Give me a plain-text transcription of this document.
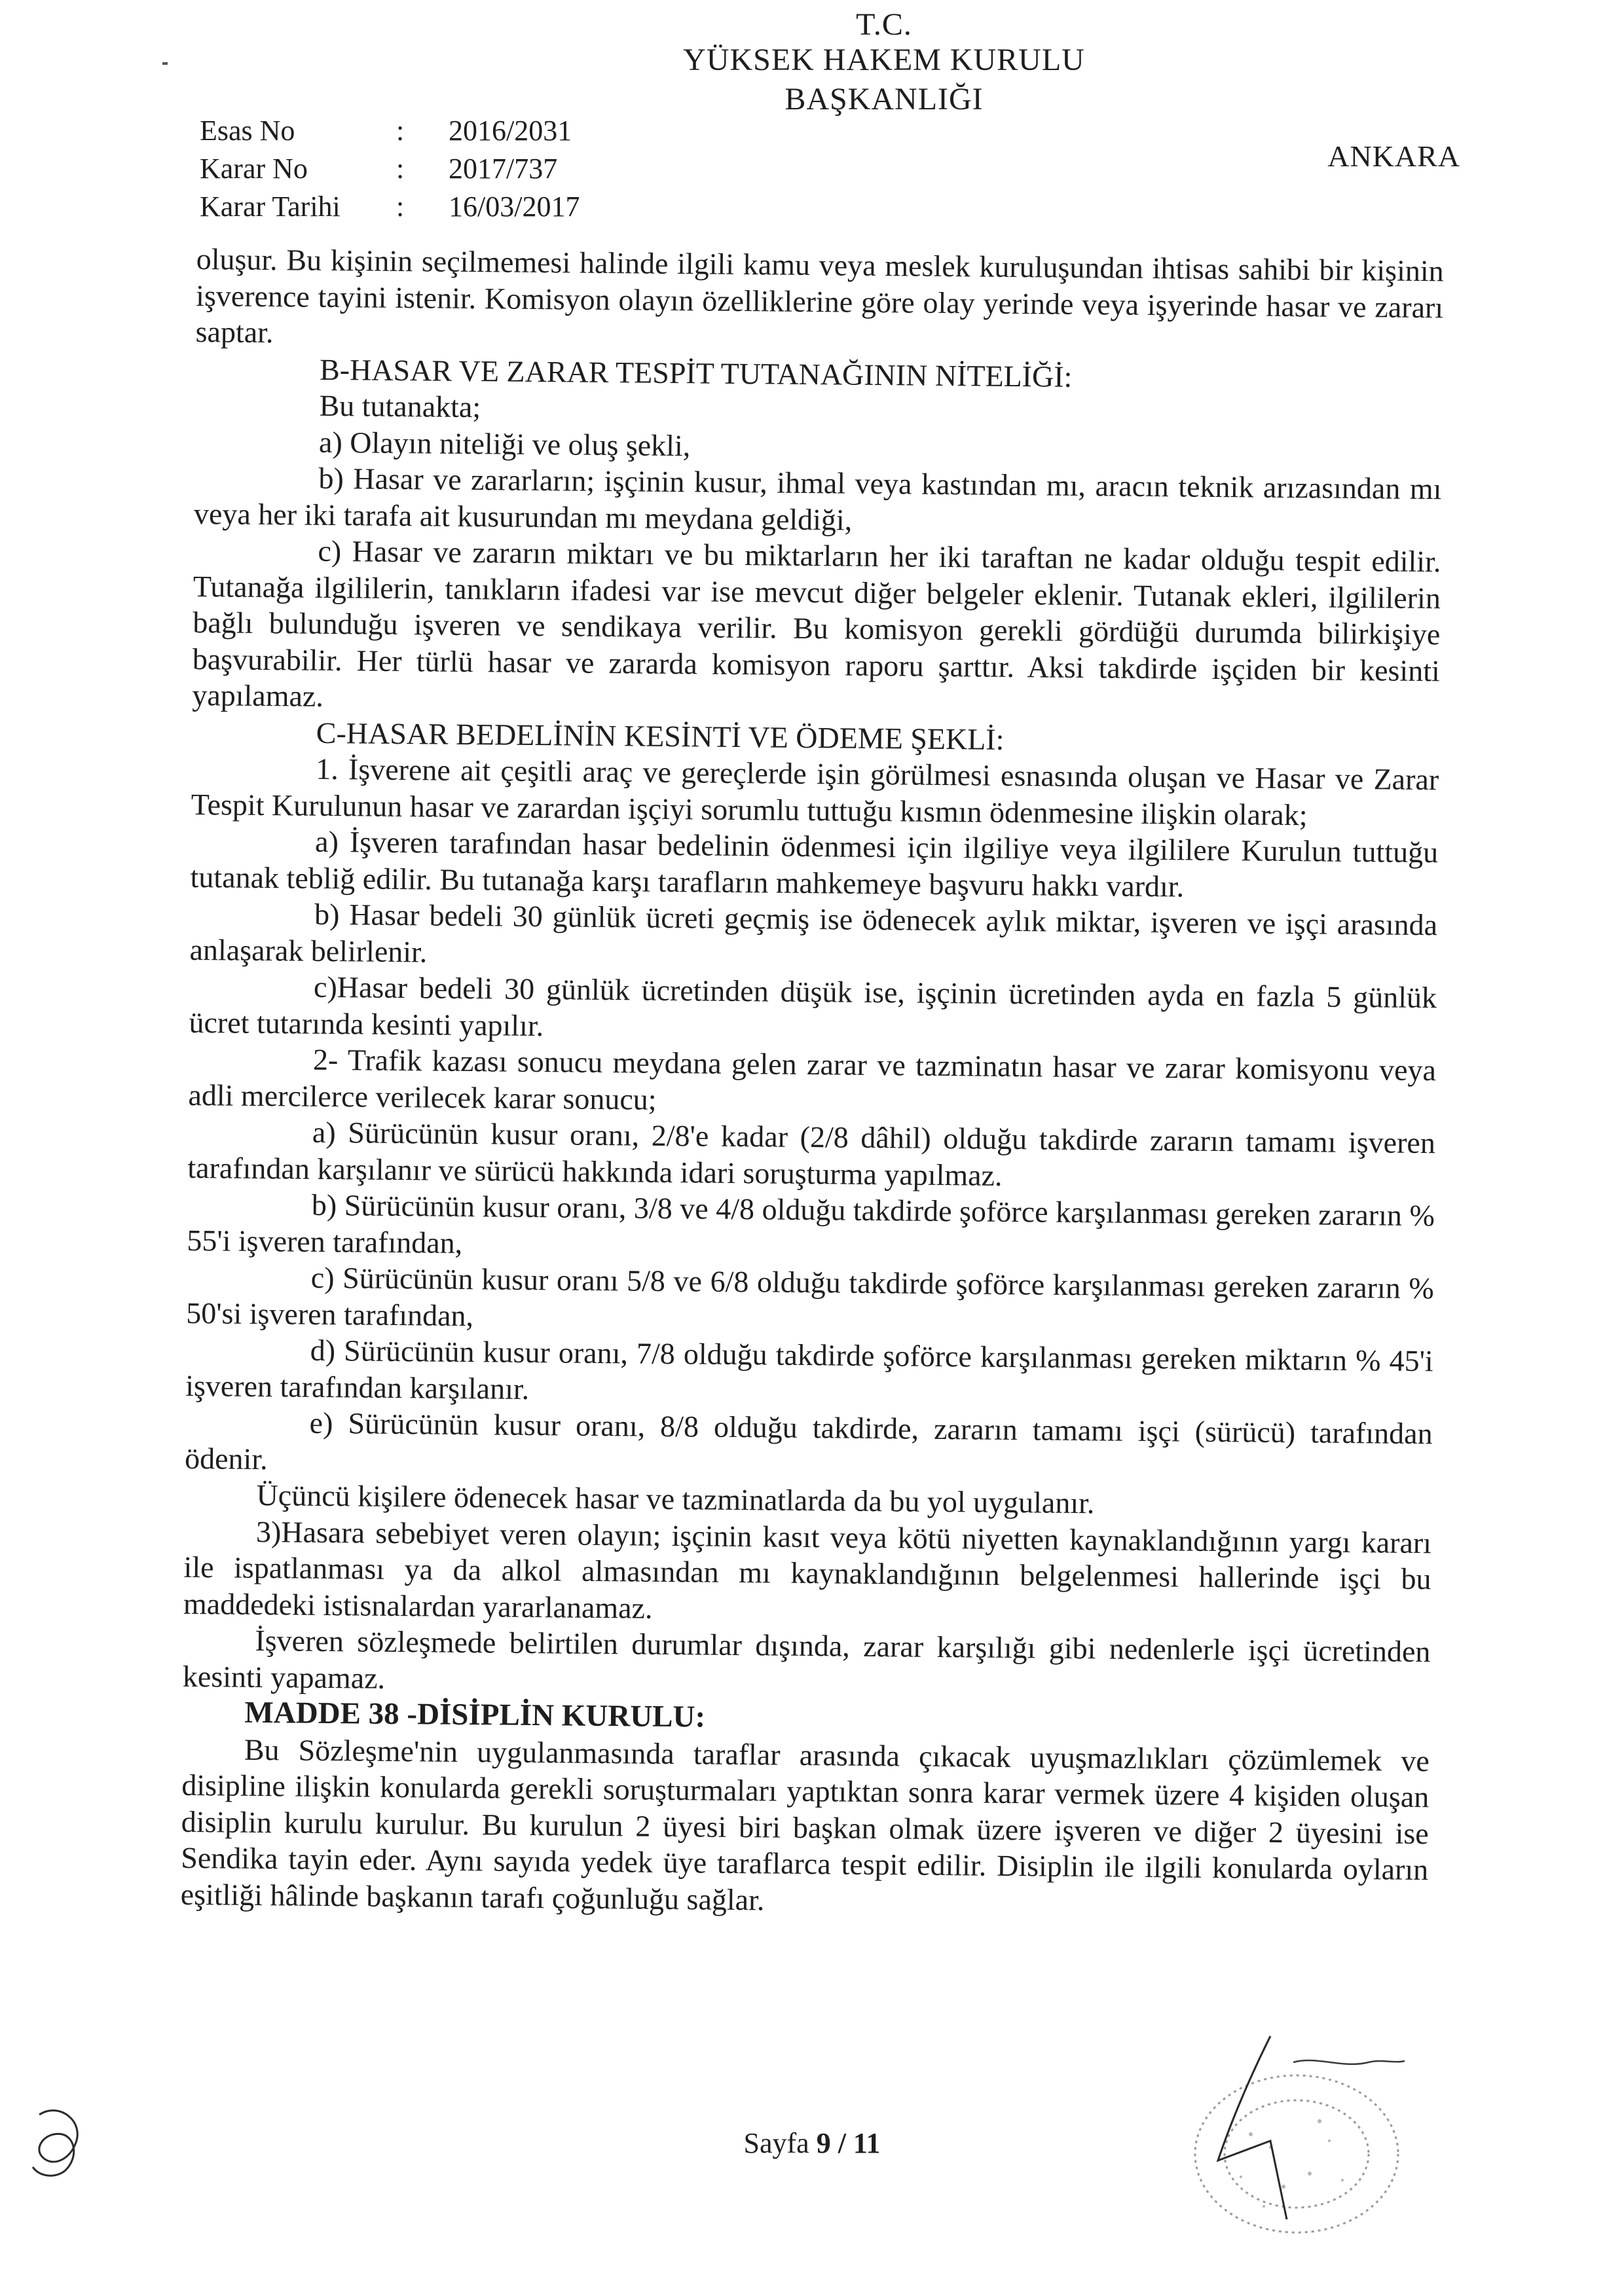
T.C.
YÜKSEK HAKEM KURULU
BAŞKANLIĞI
Esas No	: 2016/2031
Karar No	: 2017/737
Karar Tarihi : 16/03/2017
ANKARA

oluşur. Bu kişinin seçilmemesi halinde ilgili kamu veya meslek kuruluşundan ihtisas sahibi bir kişinin işverence tayini istenir. Komisyon olayın özelliklerine göre olay yerinde veya işyerinde hasar ve zararı saptar.

B-HASAR VE ZARAR TESPİT TUTANAĞININ NİTELİĞİ:

Bu tutanakta;

a) Olayın niteliği ve oluş şekli,

b) Hasar ve zararların; işçinin kusur, ihmal veya kastından mı, aracın teknik arızasından mı veya her iki tarafa ait kusurundan mı meydana geldiği,

c) Hasar ve zararın miktarı ve bu miktarların her iki taraftan ne kadar olduğu tespit edilir. Tutanağa ilgililerin, tanıkların ifadesi var ise mevcut diğer belgeler eklenir. Tutanak ekleri, ilgililerin bağlı bulunduğu işveren ve sendikaya verilir. Bu komisyon gerekli gördüğü durumda bilirkişiye başvurabilir. Her türlü hasar ve zararda komisyon raporu şarttır. Aksi takdirde işçiden bir kesinti yapılamaz.

C-HASAR BEDELİNİN KESİNTİ VE ÖDEME ŞEKLİ:

1. İşverene ait çeşitli araç ve gereçlerde işin görülmesi esnasında oluşan ve Hasar ve Zarar Tespit Kurulunun hasar ve zarardan işçiyi sorumlu tuttuğu kısmın ödenmesine ilişkin olarak;

a) İşveren tarafından hasar bedelinin ödenmesi için ilgiliye veya ilgililere Kurulun tuttuğu tutanak tebliğ edilir. Bu tutanağa karşı tarafların mahkemeye başvuru hakkı vardır.

b) Hasar bedeli 30 günlük ücreti geçmiş ise ödenecek aylık miktar, işveren ve işçi arasında anlaşarak belirlenir.

c)Hasar bedeli 30 günlük ücretinden düşük ise, işçinin ücretinden ayda en fazla 5 günlük ücret tutarında kesinti yapılır.

2- Trafik kazası sonucu meydana gelen zarar ve tazminatın hasar ve zarar komisyonu veya adli mercilerce verilecek karar sonucu;

a) Sürücünün kusur oranı, 2/8'e kadar (2/8 dâhil) olduğu takdirde zararın tamamı işveren tarafından karşılanır ve sürücü hakkında idari soruşturma yapılmaz.

b) Sürücünün kusur oranı, 3/8 ve 4/8 olduğu takdirde şoförce karşılanması gereken zararın % 55'i işveren tarafından,

c) Sürücünün kusur oranı 5/8 ve 6/8 olduğu takdirde şoförce karşılanması gereken zararın % 50'si işveren tarafından,

d) Sürücünün kusur oranı, 7/8 olduğu takdirde şoförce karşılanması gereken miktarın % 45'i işveren tarafından karşılanır.

e) Sürücünün kusur oranı, 8/8 olduğu takdirde, zararın tamamı işçi (sürücü) tarafından ödenir.

Üçüncü kişilere ödenecek hasar ve tazminatlarda da bu yol uygulanır.

3)Hasara sebebiyet veren olayın; işçinin kasıt veya kötü niyetten kaynaklandığının yargı kararı ile ispatlanması ya da alkol almasından mı kaynaklandığının belgelenmesi hallerinde işçi bu maddedeki istisnalardan yararlanamaz.

İşveren sözleşmede belirtilen durumlar dışında, zarar karşılığı gibi nedenlerle işçi ücretinden kesinti yapamaz.

MADDE 38 -DİSİPLİN KURULU:

Bu Sözleşme'nin uygulanmasında taraflar arasında çıkacak uyuşmazlıkları çözümlemek ve disipline ilişkin konularda gerekli soruşturmaları yaptıktan sonra karar vermek üzere 4 kişiden oluşan disiplin kurulu kurulur. Bu kurulun 2 üyesi biri başkan olmak üzere işveren ve diğer 2 üyesini ise Sendika tayin eder. Aynı sayıda yedek üye taraflarca tespit edilir. Disiplin ile ilgili konularda oyların eşitliği hâlinde başkanın tarafı çoğunluğu sağlar.

Sayfa 9 / 11
